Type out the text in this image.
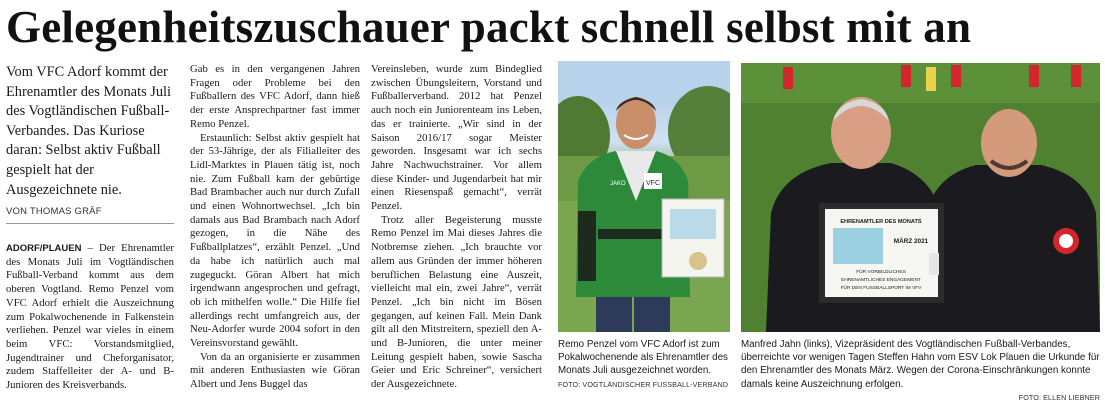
Gelegenheitszuschauer packt schnell selbst mit an
Vom VFC Adorf kommt der Ehrenamtler des Monats Juli des Vogtländischen Fußball-Verbandes. Das Kuriose daran: Selbst aktiv Fußball gespielt hat der Ausgezeichnete nie.
VON THOMAS GRÄF

ADORF/PLAUEN – Der Ehrenamtler des Monats Juli im Vogtländischen Fußball-Verband kommt aus dem oberen Vogtland. Remo Penzel vom VFC Adorf erhielt die Auszeichnung zum Pokalwochenende in Falkenstein verliehen. Penzel war vieles in einem beim VFC: Vorstandsmitglied, Jugendtrainer und Cheforganisator, zudem Staffelleiter der A- und B-Junioren des Kreisverbands.

Gab es in den vergangenen Jahren Fragen oder Probleme bei den Fußballern des VFC Adorf, dann hieß der erste Ansprechpartner fast immer Remo Penzel.

Erstaunlich: Selbst aktiv gespielt hat der 53-Jährige, der als Filialleiter des Lidl-Marktes in Plauen tätig ist, noch nie. Zum Fußball kam der gebürtige Bad Brambacher auch nur durch Zufall und einen Wohnortwechsel. „Ich bin damals aus Bad Brambach nach Adorf gezogen, in die Nähe des Fußballplatzes“, erzählt Penzel. „Und da habe ich natürlich auch mal zugeguckt. Göran Albert hat mich irgendwann angesprochen und gefragt, ob ich mithelfen wolle.“ Die Hilfe fiel allerdings recht umfangreich aus, der Neu-Adorfer wurde 2004 sofort in den Vereinsvorstand gewählt.

Von da an organisierte er zusammen mit anderen Enthusiasten wie Göran Albert und Jens Buggel das

Vereinsleben, wurde zum Bindeglied zwischen Übungsleitern, Vorstand und Fußballerverband. 2012 hat Penzel auch noch ein Juniorenteam ins Leben, das er trainierte. „Wir sind in der Saison 2016/17 sogar Meister geworden. Insgesamt war ich sechs Jahre Nachwuchstrainer. Vor allem diese Kinder- und Jugendarbeit hat mir einen Riesenspaß gemacht“, verrät Penzel.

Trotz aller Begeisterung musste Remo Penzel im Mai dieses Jahres die Notbremse ziehen. „Ich brauchte vor allem aus Gründen der immer höheren beruflichen Belastung eine Auszeit, vielleicht mal ein, zwei Jahre“, verrät Penzel. „Ich bin nicht im Bösen gegangen, auf keinen Fall. Mein Dank gilt all den Mitstreitern, speziell den A- und B-Junioren, die unter meiner Leitung gespielt haben, sowie Sascha Geier und Eric Schreiner“, versichert der Ausgezeichnete.

VFC
JAKO
EHRENAMTLER DES MONATS
MÄRZ 2021
FÜR VORBILDLICHES
EHRENAMTLICHES ENGAGEMENT
FÜR DEN FUSSBALLSPORT IM VFV
Remo Penzel vom VFC Adorf ist zum Pokalwochenende als Ehrenamtler des Monats Juli ausgezeichnet worden. FOTO: VOGTLÄNDISCHER FUSSBALL-VERBAND
Manfred Jahn (links), Vizepräsident des Vogtländischen Fußball-Verbandes, überreichte vor wenigen Tagen Steffen Hahn vom ESV Lok Plauen die Urkunde für den Ehrenamtler des Monats März. Wegen der Corona-Einschränkungen konnte damals keine Auszeichnung erfolgen.
FOTO: ELLEN LIEBNER
